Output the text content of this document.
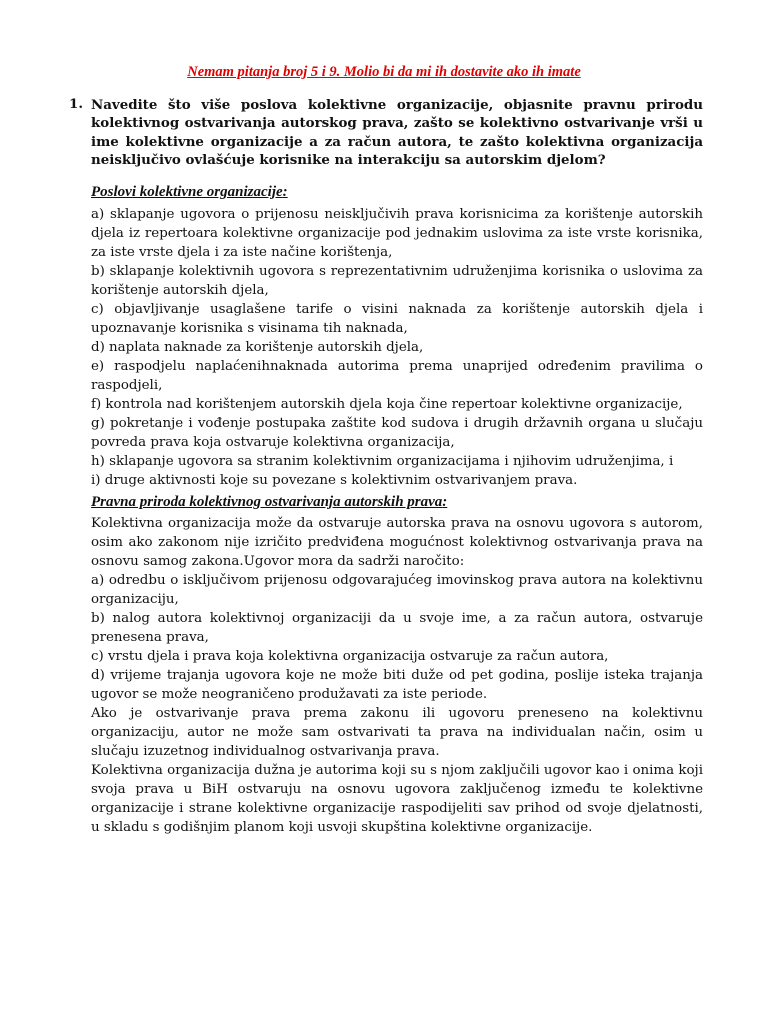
Nemam pitanja broj 5 i 9. Molio bi da mi ih dostavite ako ih imate
1. Navedite što više poslova kolektivne organizacije, objasnite pravnu prirodu kolektivnog ostvarivanja autorskog prava, zašto se kolektivno ostvarivanje vrši u ime kolektivne organizacije a za račun autora, te zašto kolektivna organizacija neisključivo ovlašćuje korisnike na interakciju sa autorskim djelom?
Poslovi kolektivne organizacije:
a) sklapanje ugovora o prijenosu neisključivih prava korisnicima za korištenje autorskih djela iz repertoara kolektivne organizacije pod jednakim uslovima za iste vrste korisnika, za iste vrste djela i za iste načine korištenja,
b) sklapanje kolektivnih ugovora s reprezentativnim udruženjima korisnika o uslovima za korištenje autorskih djela,
c) objavljivanje usaglašene tarife o visini naknada za korištenje autorskih djela i upoznavanje korisnika s visinama tih naknada,
d) naplata naknade za korištenje autorskih djela,
e) raspodjelu naplaćenihnaknada autorima prema unaprijed određenim pravilima o raspodjeli,
f) kontrola nad korištenjem autorskih djela koja čine repertoar kolektivne organizacije,
g) pokretanje i vođenje postupaka zaštite kod sudova i drugih državnih organa u slučaju povreda prava koja ostvaruje kolektivna organizacija,
h) sklapanje ugovora sa stranim kolektivnim organizacijama i njihovim udruženjima, i
i) druge aktivnosti koje su povezane s kolektivnim ostvarivanjem prava.
Pravna priroda kolektivnog ostvarivanja autorskih prava:

Kolektivna organizacija može da ostvaruje autorska prava na osnovu ugovora s autorom, osim ako zakonom nije izričito predviđena mogućnost kolektivnog ostvarivanja prava na osnovu samog zakona.Ugovor mora da sadrži naročito:

a) odredbu o isključivom prijenosu odgovarajućeg imovinskog prava autora na kolektivnu organizaciju,
b) nalog autora kolektivnoj organizaciji da u svoje ime, a za račun autora, ostvaruje prenesena prava,
c) vrstu djela i prava koja kolektivna organizacija ostvaruje za račun autora,
d) vrijeme trajanja ugovora koje ne može biti duže od pet godina, poslije isteka trajanja ugovor se može neograničeno produžavati za iste periode.

Ako je ostvarivanje prava prema zakonu ili ugovoru preneseno na kolektivnu organizaciju, autor ne može sam ostvarivati ta prava na individualan način, osim u slučaju izuzetnog individualnog ostvarivanja prava.

Kolektivna organizacija dužna je autorima koji su s njom zaključili ugovor kao i onima koji svoja prava u BiH ostvaruju na osnovu ugovora zaključenog između te kolektivne organizacije i strane kolektivne organizacije raspodijeliti sav prihod od svoje djelatnosti, u skladu s godišnjim planom koji usvoji skupština kolektivne organizacije.
